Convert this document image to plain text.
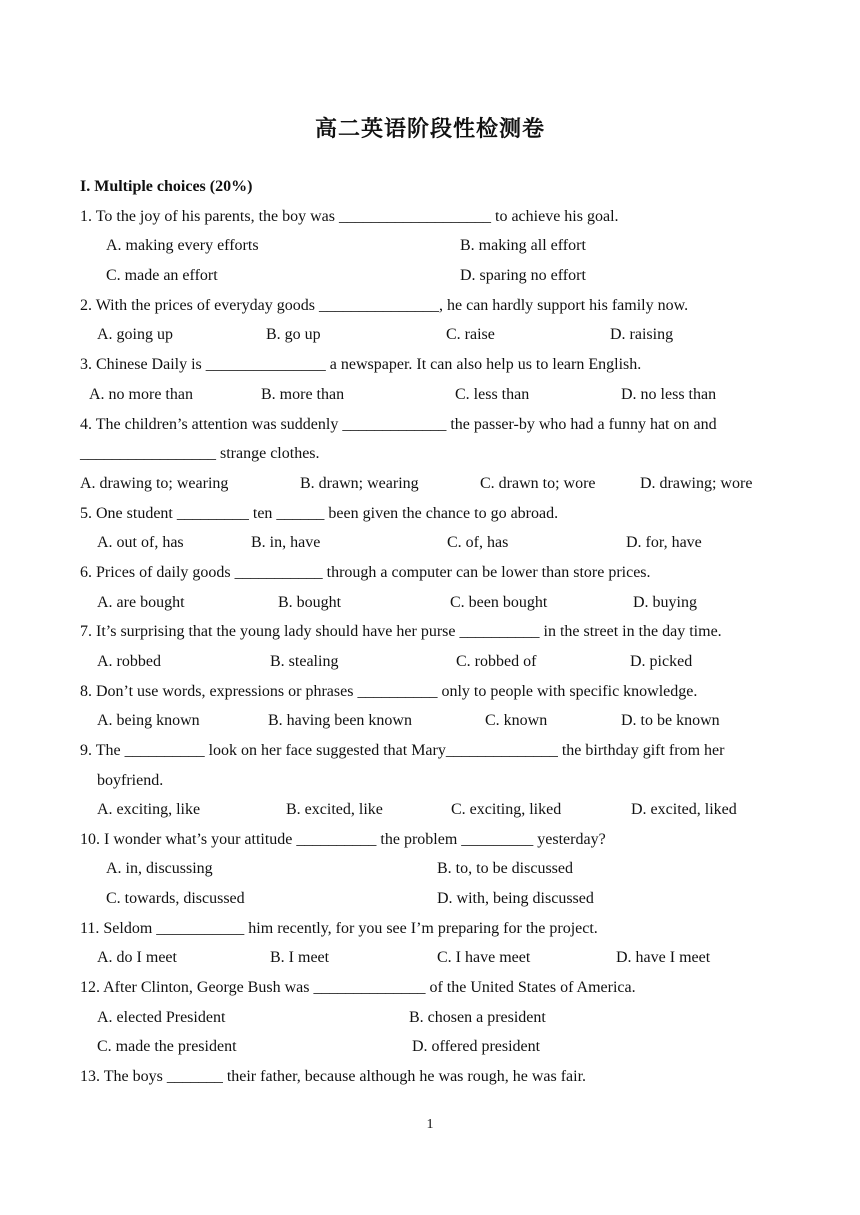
高二英语阶段性检测卷
I. Multiple choices (20%)
1. To the joy of his parents, the boy was ___________________ to achieve his goal.
A. making every efforts	B. making all effort
C. made an effort	D. sparing no effort
2. With the prices of everyday goods _______________, he can hardly support his family now.
A. going up	B. go up	C. raise	D. raising
3. Chinese Daily is _______________ a newspaper. It can also help us to learn English.
A. no more than	B. more than	C. less than	D. no less than
4. The children’s attention was suddenly _____________ the passer-by who had a funny hat on and
_________________ strange clothes.
A. drawing to; wearing	B. drawn; wearing	C. drawn to; wore	D. drawing; wore
5. One student _________ ten ______ been given the chance to go abroad.
A. out of, has	B. in, have	C. of, has	D. for, have
6. Prices of daily goods ___________ through a computer can be lower than store prices.
A. are bought	B. bought	C. been bought	D. buying
7. It’s surprising that the young lady should have her purse __________ in the street in the day time.
A. robbed	B. stealing	C. robbed of	D. picked
8. Don’t use words, expressions or phrases __________ only to people with specific knowledge.
A. being known	B. having been known	C. known	D. to be known
9. The __________ look on her face suggested that Mary______________ the birthday gift from her
boyfriend.
A. exciting, like	B. excited, like	C. exciting, liked	D. excited, liked
10. I wonder what’s your attitude __________ the problem _________ yesterday?
A. in, discussing	B. to, to be discussed
C. towards, discussed	D. with, being discussed
11. Seldom ___________ him recently, for you see I’m preparing for the project.
A. do I meet	B. I meet	C. I have meet	D. have I meet
12. After Clinton, George Bush was ______________ of the United States of America.
A. elected President	B. chosen a president
C. made the president	D. offered president
13. The boys _______ their father, because although he was rough, he was fair.
1
